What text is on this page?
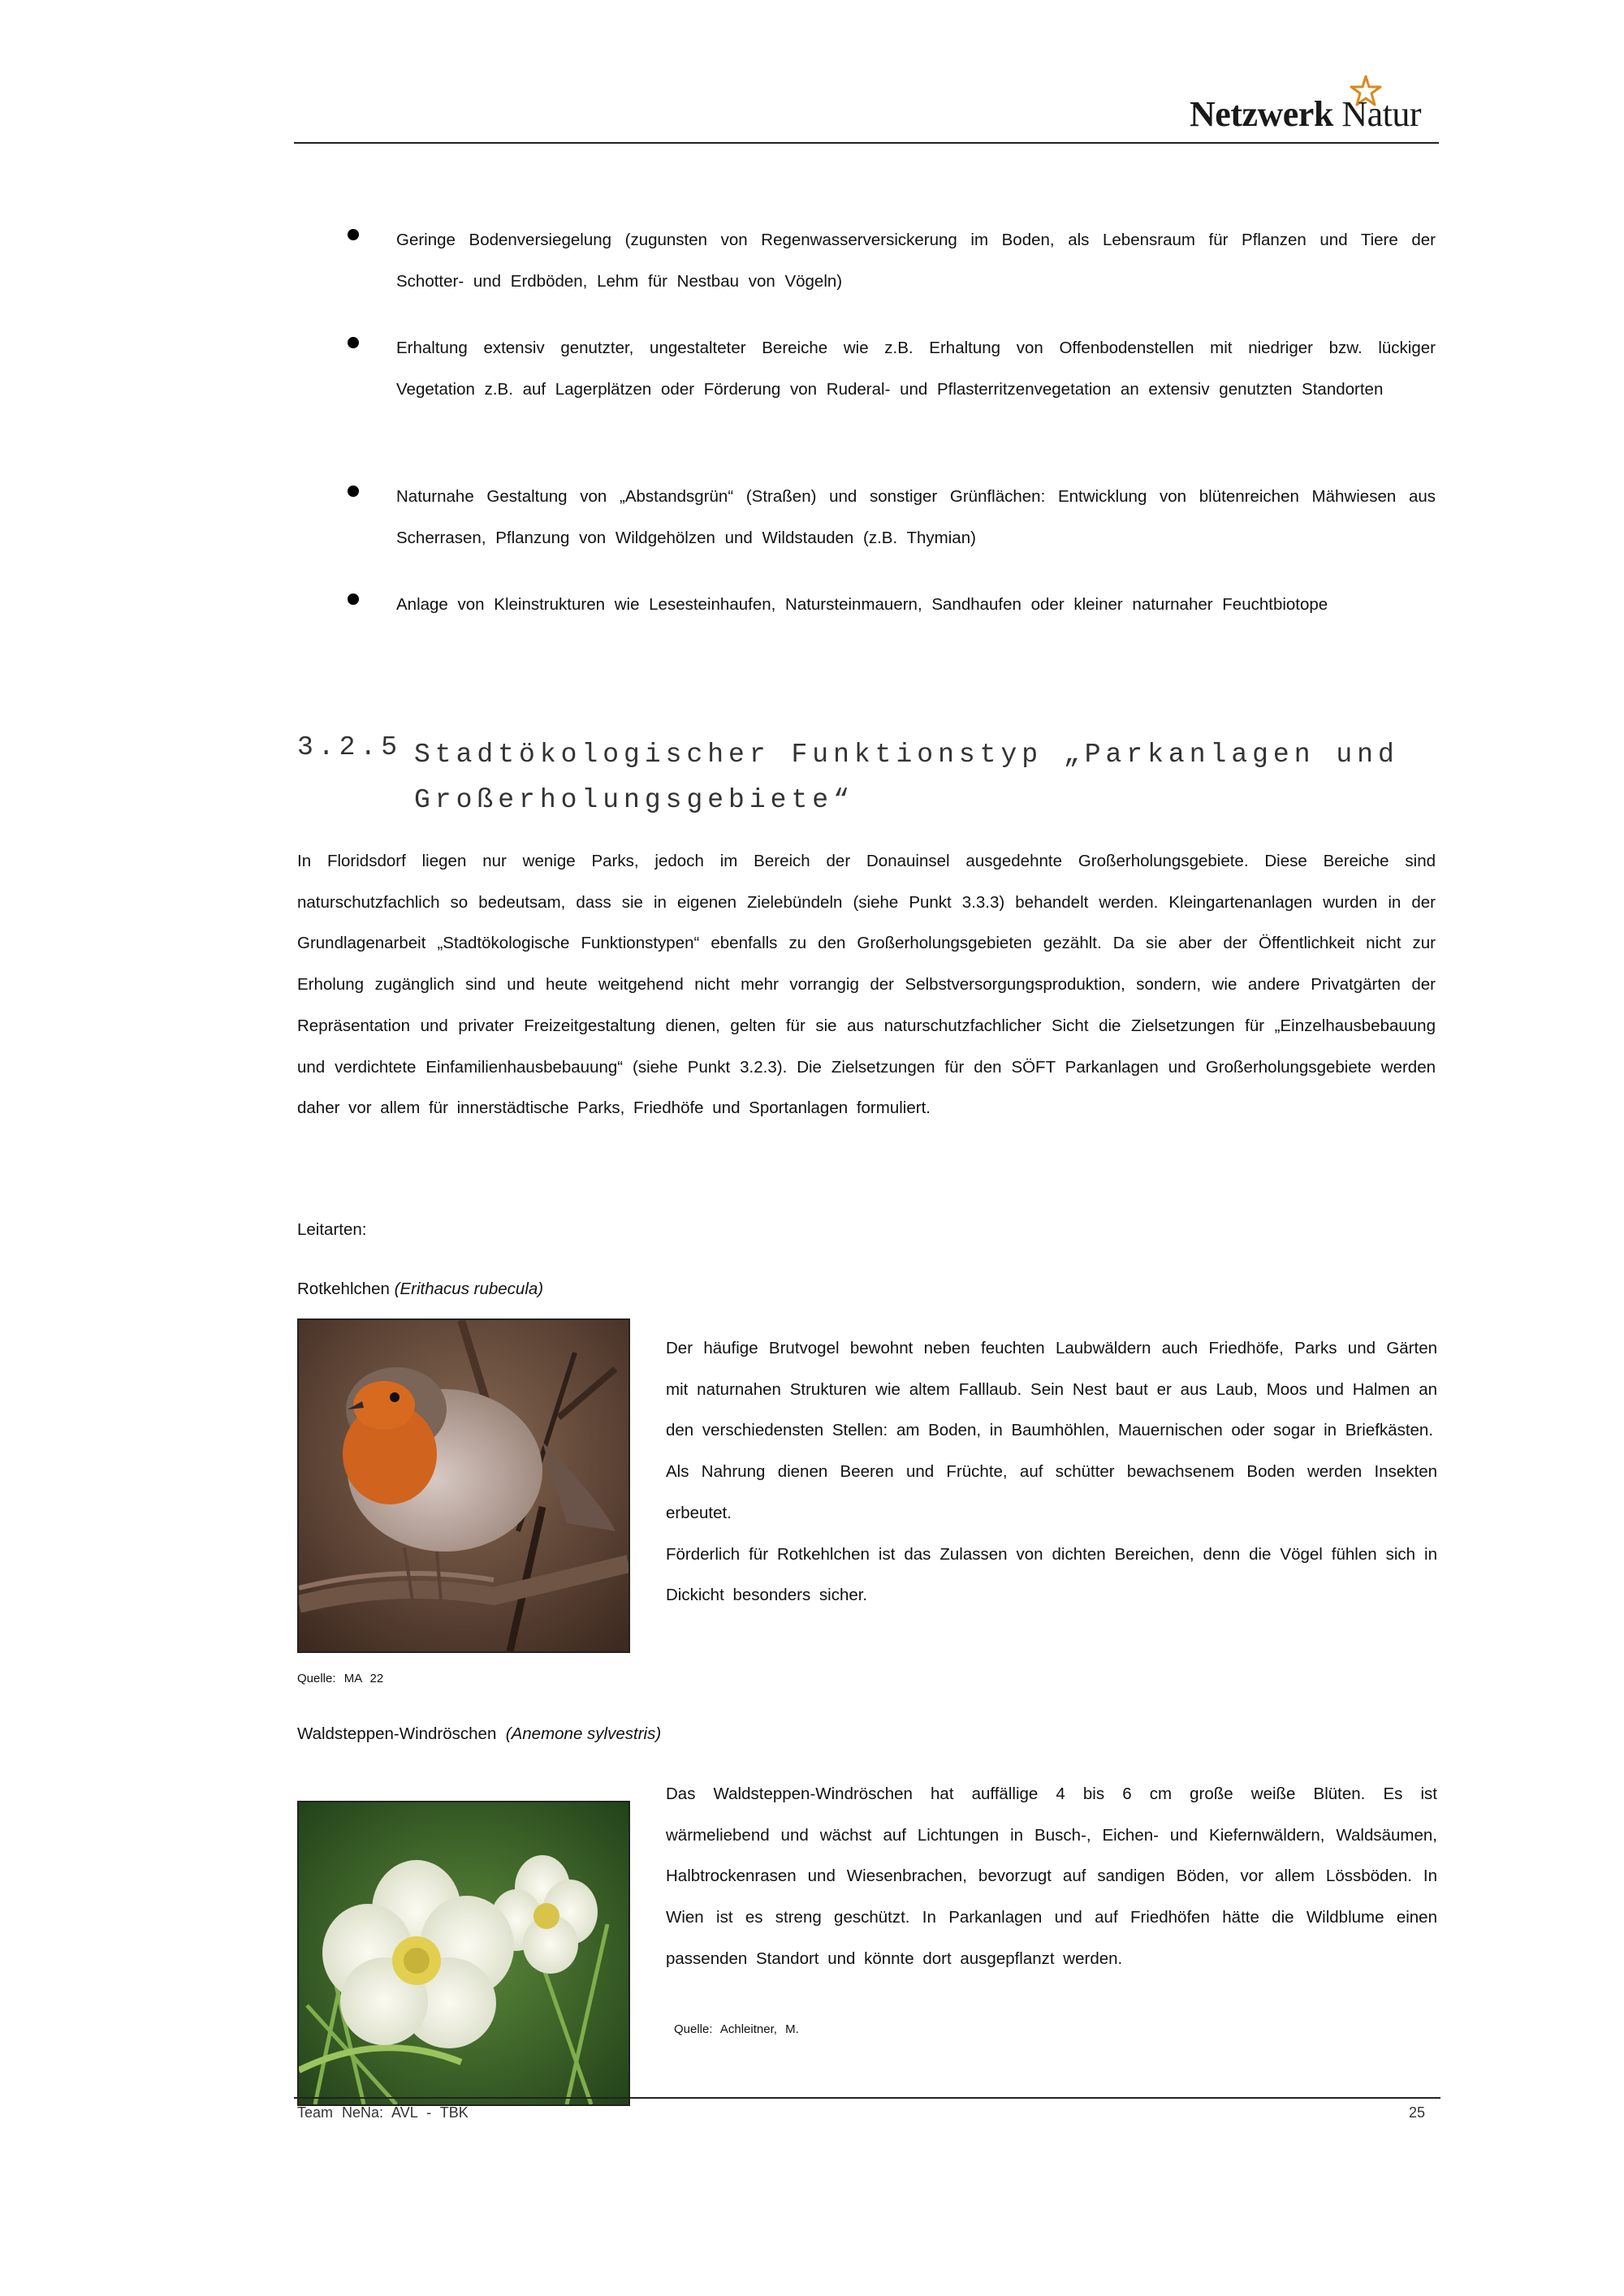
Netzwerk Natur
Geringe Bodenversiegelung (zugunsten von Regenwasserversickerung im Boden, als Lebensraum für Pflanzen und Tiere der Schotter- und Erdböden, Lehm für Nestbau von Vögeln)
Erhaltung extensiv genutzter, ungestalteter Bereiche wie z.B. Erhaltung von Offenbodenstellen mit niedriger bzw. lückiger Vegetation z.B. auf Lagerplätzen oder Förderung von Ruderal- und Pflasterritzenvegetation an extensiv genutzten Standorten
Naturnahe Gestaltung von „Abstandsgrün“ (Straßen) und sonstiger Grünflächen: Entwicklung von blütenreichen Mähwiesen aus Scherrasen, Pflanzung von Wildgehölzen und Wildstauden (z.B. Thymian)
Anlage von Kleinstrukturen wie Lesesteinhaufen, Natursteinmauern, Sandhaufen oder kleiner naturnaher Feuchtbiotope
3.2.5 Stadtökologischer Funktionstyp „Parkanlagen und Großerholungsgebiete“
In Floridsdorf liegen nur wenige Parks, jedoch im Bereich der Donauinsel ausgedehnte Großerholungsgebiete. Diese Bereiche sind naturschutzfachlich so bedeutsam, dass sie in eigenen Zielebündeln (siehe Punkt 3.3.3) behandelt werden. Kleingartenanlagen wurden in der Grundlagenarbeit „Stadtökologische Funktionstypen“ ebenfalls zu den Großerholungsgebieten gezählt. Da sie aber der Öffentlichkeit nicht zur Erholung zugänglich sind und heute weitgehend nicht mehr vorrangig der Selbstversorgungsproduktion, sondern, wie andere Privatgärten der Repräsentation und privater Freizeitgestaltung dienen, gelten für sie aus naturschutzfachlicher Sicht die Zielsetzungen für „Einzelhausbebauung und verdichtete Einfamilienhausbebauung“ (siehe Punkt 3.2.3). Die Zielsetzungen für den SÖFT Parkanlagen und Großerholungsgebiete werden daher vor allem für innerstädtische Parks, Friedhöfe und Sportanlagen formuliert.
Leitarten:
Rotkehlchen (Erithacus rubecula)
Der häufige Brutvogel bewohnt neben feuchten Laubwäldern auch Friedhöfe, Parks und Gärten mit naturnahen Strukturen wie altem Falllaub. Sein Nest baut er aus Laub, Moos und Halmen an den verschiedensten Stellen: am Boden, in Baumhöhlen, Mauernischen oder sogar in Briefkästen.
Als Nahrung dienen Beeren und Früchte, auf schütter bewachsenem Boden werden Insekten erbeutet.
Förderlich für Rotkehlchen ist das Zulassen von dichten Bereichen, denn die Vögel fühlen sich in Dickicht besonders sicher.
Quelle: MA 22
Waldsteppen-Windröschen (Anemone sylvestris)
Das Waldsteppen-Windröschen hat auffällige 4 bis 6 cm große weiße Blüten. Es ist wärmeliebend und wächst auf Lichtungen in Busch-, Eichen- und Kiefernwäldern, Waldsäumen, Halbtrockenrasen und Wiesenbrachen, bevorzugt auf sandigen Böden, vor allem Lössböden. In Wien ist es streng geschützt. In Parkanlagen und auf Friedhöfen hätte die Wildblume einen passenden Standort und könnte dort ausgepflanzt werden.
Quelle: Achleitner, M.
Team NeNa: AVL - TBK	25
